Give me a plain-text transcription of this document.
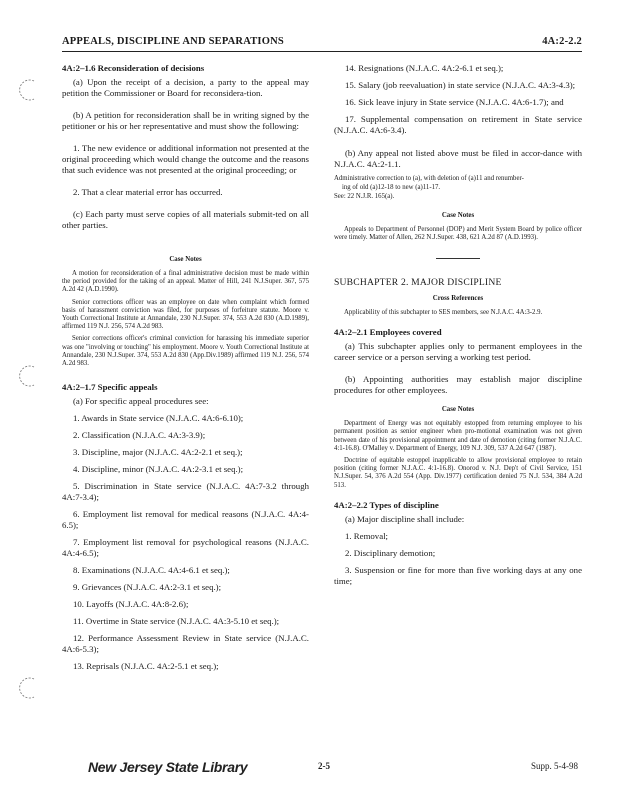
APPEALS, DISCIPLINE AND SEPARATIONS	4A:2-2.2
4A:2–1.6 Reconsideration of decisions
(a) Upon the receipt of a decision, a party to the appeal may petition the Commissioner or Board for reconsidera-tion.
(b) A petition for reconsideration shall be in writing signed by the petitioner or his or her representative and must show the following:
1. The new evidence or additional information not presented at the original proceeding which would change the outcome and the reasons that such evidence was not presented at the original proceeding; or
2. That a clear material error has occurred.
(c) Each party must serve copies of all materials submit-ted on all other parties.
Case Notes
A motion for reconsideration of a final administrative decision must be made within the period provided for the taking of an appeal. Matter of Hill, 241 N.J.Super. 367, 575 A.2d 42 (A.D.1990).
Senior corrections officer was an employee on date when complaint which formed basis of harassment conviction was filed, for purposes of forfeiture statute. Moore v. Youth Correctional Institute at Annandale, 230 N.J.Super. 374, 553 A.2d 830 (A.D.1989), affirmed 119 N.J. 256, 574 A.2d 983.
Senior corrections officer's criminal conviction for harassing his immediate superior was one "involving or touching" his employment. Moore v. Youth Correctional Institute at Annandale, 230 N.J.Super. 374, 553 A.2d 830 (App.Div.1989) affirmed 119 N.J. 256, 574 A.2d 983.
4A:2–1.7 Specific appeals
(a) For specific appeal procedures see:
1. Awards in State service (N.J.A.C. 4A:6-6.10);
2. Classification (N.J.A.C. 4A:3-3.9);
3. Discipline, major (N.J.A.C. 4A:2-2.1 et seq.);
4. Discipline, minor (N.J.A.C. 4A:2-3.1 et seq.);
5. Discrimination in State service (N.J.A.C. 4A:7-3.2 through 4A:7-3.4);
6. Employment list removal for medical reasons (N.J.A.C. 4A:4-6.5);
7. Employment list removal for psychological reasons (N.J.A.C. 4A:4-6.5);
8. Examinations (N.J.A.C. 4A:4-6.1 et seq.);
9. Grievances (N.J.A.C. 4A:2-3.1 et seq.);
10. Layoffs (N.J.A.C. 4A:8-2.6);
11. Overtime in State service (N.J.A.C. 4A:3-5.10 et seq.);
12. Performance Assessment Review in State service (N.J.A.C. 4A:6-5.3);
13. Reprisals (N.J.A.C. 4A:2-5.1 et seq.);
14. Resignations (N.J.A.C. 4A:2-6.1 et seq.);
15. Salary (job reevaluation) in state service (N.J.A.C. 4A:3-4.3);
16. Sick leave injury in State service (N.J.A.C. 4A:6-1.7); and
17. Supplemental compensation on retirement in State service (N.J.A.C. 4A:6-3.4).
(b) Any appeal not listed above must be filed in accor-dance with N.J.A.C. 4A:2-1.1.
Administrative correction to (a), with deletion of (a)11 and renumber-
ing of old (a)12-18 to new (a)11-17.
See: 22 N.J.R. 165(a).
Case Notes
Appeals to Department of Personnel (DOP) and Merit System Board by police officer were timely. Matter of Allen, 262 N.J.Super. 438, 621 A.2d 87 (A.D.1993).
SUBCHAPTER 2. MAJOR DISCIPLINE
Cross References
Applicability of this subchapter to SES members, see N.J.A.C. 4A:3-2.9.
4A:2–2.1 Employees covered
(a) This subchapter applies only to permanent employees in the career service or a person serving a working test period.
(b) Appointing authorities may establish major discipline procedures for other employees.
Case Notes
Department of Energy was not equitably estopped from returning employee to his permanent position as senior engineer when pro-motional examination was not given between date of his provisional appointment and date of demotion (citing former N.J.A.C. 4:1-16.8). O'Malley v. Department of Energy, 109 N.J. 309, 537 A.2d 647 (1987).
Doctrine of equitable estoppel inapplicable to allow provisional employee to retain position (citing former N.J.A.C. 4:1-16.8). Onorod v. N.J. Dep't of Civil Service, 151 N.J.Super. 54, 376 A.2d 554 (App. Div.1977) certification denied 75 N.J. 534, 384 A.2d 513.
4A:2–2.2 Types of discipline
(a) Major discipline shall include:
1. Removal;
2. Disciplinary demotion;
3. Suspension or fine for more than five working days at any one time;
New Jersey State Library	2-5	Supp. 5-4-98
